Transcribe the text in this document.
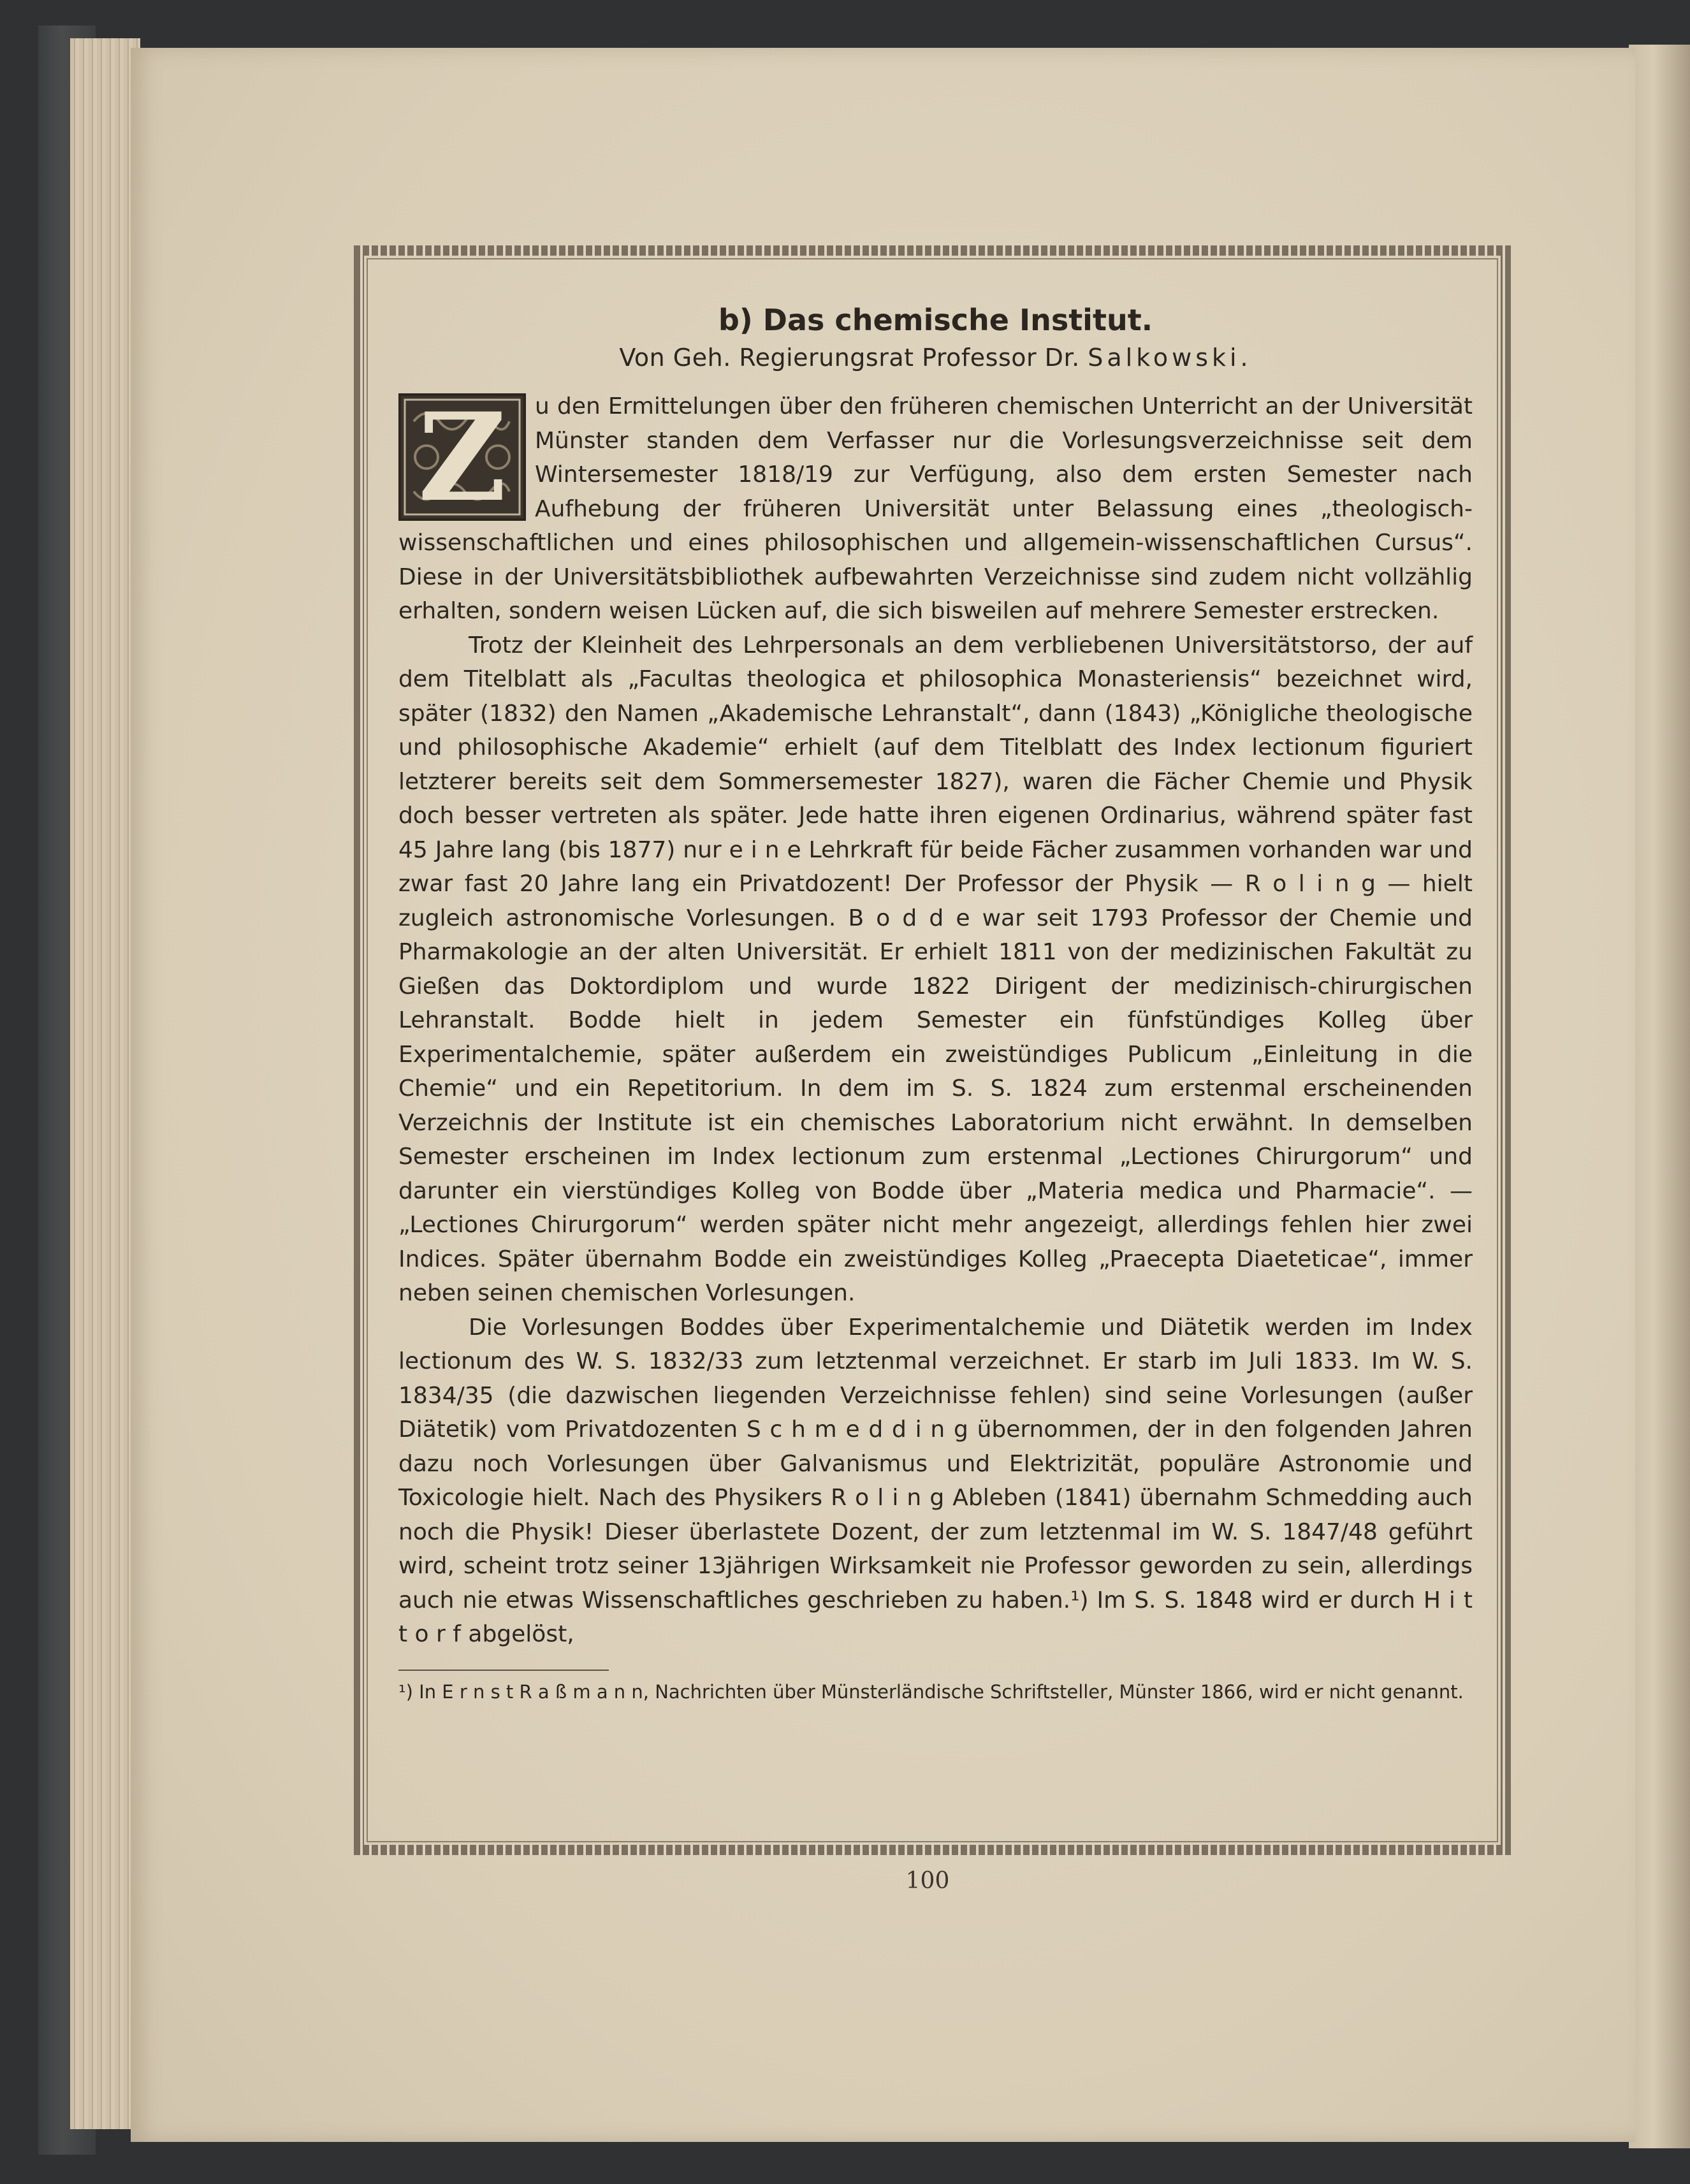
b) Das chemische Institut.
Von Geh. Regierungsrat Professor Dr. Salkowski.
Z	u den Ermittelungen über den früheren chemischen Unterricht an der Universität Münster standen dem Verfasser nur die Vorlesungsverzeichnisse seit dem Wintersemester 1818/19 zur Verfügung, also dem ersten Semester nach Aufhebung der früheren Universität unter Belassung eines „theologisch-wissenschaftlichen und eines philosophischen und allgemein-wissenschaftlichen Cursus“. Diese in der Universitätsbibliothek aufbewahrten Verzeichnisse sind zudem nicht vollzählig erhalten, sondern weisen Lücken auf, die sich bisweilen auf mehrere Semester erstrecken.

Trotz der Kleinheit des Lehrpersonals an dem verbliebenen Universitätstorso, der auf dem Titelblatt als „Facultas theologica et philosophica Monasteriensis“ bezeichnet wird, später (1832) den Namen „Akademische Lehranstalt“, dann (1843) „Königliche theologische und philosophische Akademie“ erhielt (auf dem Titelblatt des Index lectionum figuriert letzterer bereits seit dem Sommersemester 1827), waren die Fächer Chemie und Physik doch besser vertreten als später. Jede hatte ihren eigenen Ordinarius, während später fast 45 Jahre lang (bis 1877) nur e i n e Lehrkraft für beide Fächer zusammen vorhanden war und zwar fast 20 Jahre lang ein Privatdozent! Der Professor der Physik — R o l i n g — hielt zugleich astronomische Vorlesungen. B o d d e war seit 1793 Professor der Chemie und Pharmakologie an der alten Universität. Er erhielt 1811 von der medizinischen Fakultät zu Gießen das Doktordiplom und wurde 1822 Dirigent der medizinisch-chirurgischen Lehranstalt. Bodde hielt in jedem Semester ein fünfstündiges Kolleg über Experimentalchemie, später außerdem ein zweistündiges Publicum „Einleitung in die Chemie“ und ein Repetitorium. In dem im S. S. 1824 zum erstenmal erscheinenden Verzeichnis der Institute ist ein chemisches Laboratorium nicht erwähnt. In demselben Semester erscheinen im Index lectionum zum erstenmal „Lectiones Chirurgorum“ und darunter ein vierstündiges Kolleg von Bodde über „Materia medica und Pharmacie“. — „Lectiones Chirurgorum“ werden später nicht mehr angezeigt, allerdings fehlen hier zwei Indices. Später übernahm Bodde ein zweistündiges Kolleg „Praecepta Diaeteticae“, immer neben seinen chemischen Vorlesungen.

Die Vorlesungen Boddes über Experimentalchemie und Diätetik werden im Index lectionum des W. S. 1832/33 zum letztenmal verzeichnet. Er starb im Juli 1833. Im W. S. 1834/35 (die dazwischen liegenden Verzeichnisse fehlen) sind seine Vorlesungen (außer Diätetik) vom Privatdozenten S c h m e d d i n g übernommen, der in den folgenden Jahren dazu noch Vorlesungen über Galvanismus und Elektrizität, populäre Astronomie und Toxicologie hielt. Nach des Physikers R o l i n g Ableben (1841) übernahm Schmedding auch noch die Physik! Dieser überlastete Dozent, der zum letztenmal im W. S. 1847/48 geführt wird, scheint trotz seiner 13jährigen Wirksamkeit nie Professor geworden zu sein, allerdings auch nie etwas Wissenschaftliches geschrieben zu haben.¹) Im S. S. 1848 wird er durch H i t t o r f abgelöst,

¹) In E r n s t R a ß m a n n, Nachrichten über Münsterländische Schriftsteller, Münster 1866, wird er nicht genannt.

100
